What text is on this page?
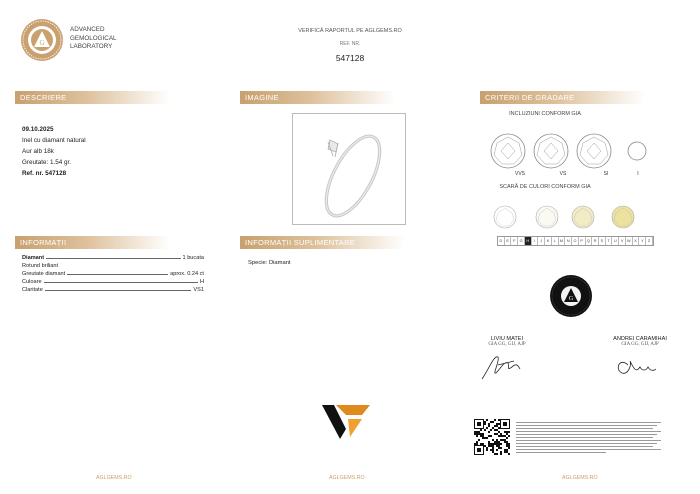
G
ADVANCED
GEMOLOGICAL
LABORATORY
VERIFICĂ RAPORTUL PE AGLGEMS.RO
REF. NR.
547128
DESCRIERE	IMAGINE	CRITERII DE GRADARE
INFORMAȚII	INFORMAȚII SUPLIMENTARE
09.10.2025
Inel cu diamant natural
Aur alb 18k
Greutate: 1.54 gr.
Ref. nr. 547128
INCLUZIUNI CONFORM GIA
VVS	VS	SI	I
SCARĂ DE CULORI CONFORM GIA
D	E	F	G	H	I	J	K	L	M N	O	P	Q	R	S	T	U	V W X	Y	Z
Diamant	1 bucata
Rotund briliant
Greutate diamant	aprox. 0.24 ct
Culoare	H
Claritate	VS1
Specie: Diamant
G
LIVIU MATEI
GIA GG, GIJ, AJP
ANDREI CARAMIHAI
GIA GG, GIJ, AJP
AGLGEMS.RO	AGLGEMS.RO	AGLGEMS.RO
